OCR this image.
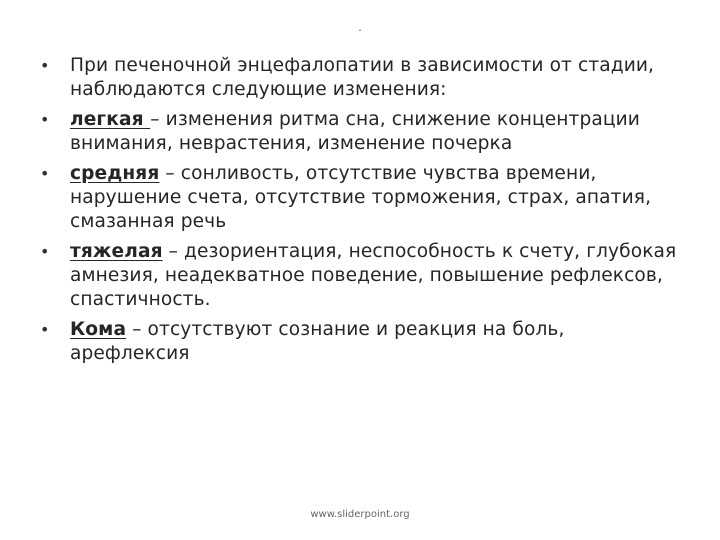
.
• При печеночной энцефалопатии в зависимости от стадии, наблюдаются следующие изменения:
• легкая – изменения ритма сна, снижение концентрации внимания, неврастения, изменение почерка
• средняя – сонливость, отсутствие чувства времени, нарушение счета, отсутствие торможения, страх, апатия, смазанная речь
• тяжелая – дезориентация, неспособность к счету, глубокая амнезия, неадекватное поведение, повышение рефлексов, спастичность.
• Кома – отсутствуют сознание и реакция на боль, арефлексия
www.sliderpoint.org
